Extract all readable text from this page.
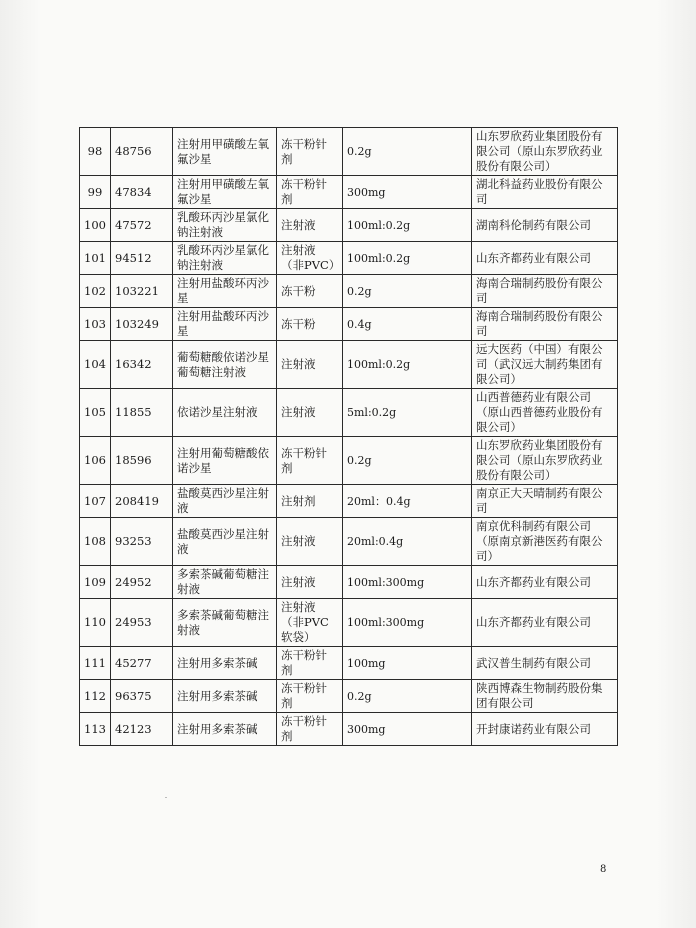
98	48756	注射用甲磺酸左氧氟沙星	冻干粉针剂	0.2g	山东罗欣药业集团股份有限公司（原山东罗欣药业股份有限公司）
99	47834	注射用甲磺酸左氧氟沙星	冻干粉针剂	300mg	湖北科益药业股份有限公司
100	47572	乳酸环丙沙星氯化钠注射液	注射液	100ml:0.2g	湖南科伦制药有限公司
101	94512	乳酸环丙沙星氯化钠注射液	注射液（非PVC）	100ml:0.2g	山东齐都药业有限公司
102	103221	注射用盐酸环丙沙星	冻干粉	0.2g	海南合瑞制药股份有限公司
103	103249	注射用盐酸环丙沙星	冻干粉	0.4g	海南合瑞制药股份有限公司
104	16342	葡萄糖酸依诺沙星葡萄糖注射液	注射液	100ml:0.2g	远大医药（中国）有限公司（武汉远大制药集团有限公司）
105	11855	依诺沙星注射液	注射液	5ml:0.2g	山西普德药业有限公司（原山西普德药业股份有限公司）
106	18596	注射用葡萄糖酸依诺沙星	冻干粉针剂	0.2g	山东罗欣药业集团股份有限公司（原山东罗欣药业股份有限公司）
107	208419	盐酸莫西沙星注射液	注射剂	20ml：0.4g	南京正大天晴制药有限公司
108	93253	盐酸莫西沙星注射液	注射液	20ml:0.4g	南京优科制药有限公司（原南京新港医药有限公司）
109	24952	多索茶碱葡萄糖注射液	注射液	100ml:300mg	山东齐都药业有限公司
110	24953	多索茶碱葡萄糖注射液	注射液（非PVC软袋）	100ml:300mg	山东齐都药业有限公司
111	45277	注射用多索茶碱	冻干粉针剂	100mg	武汉普生制药有限公司
112	96375	注射用多索茶碱	冻干粉针剂	0.2g	陕西博森生物制药股份集团有限公司
113	42123	注射用多索茶碱	冻干粉针剂	300mg	开封康诺药业有限公司
8
